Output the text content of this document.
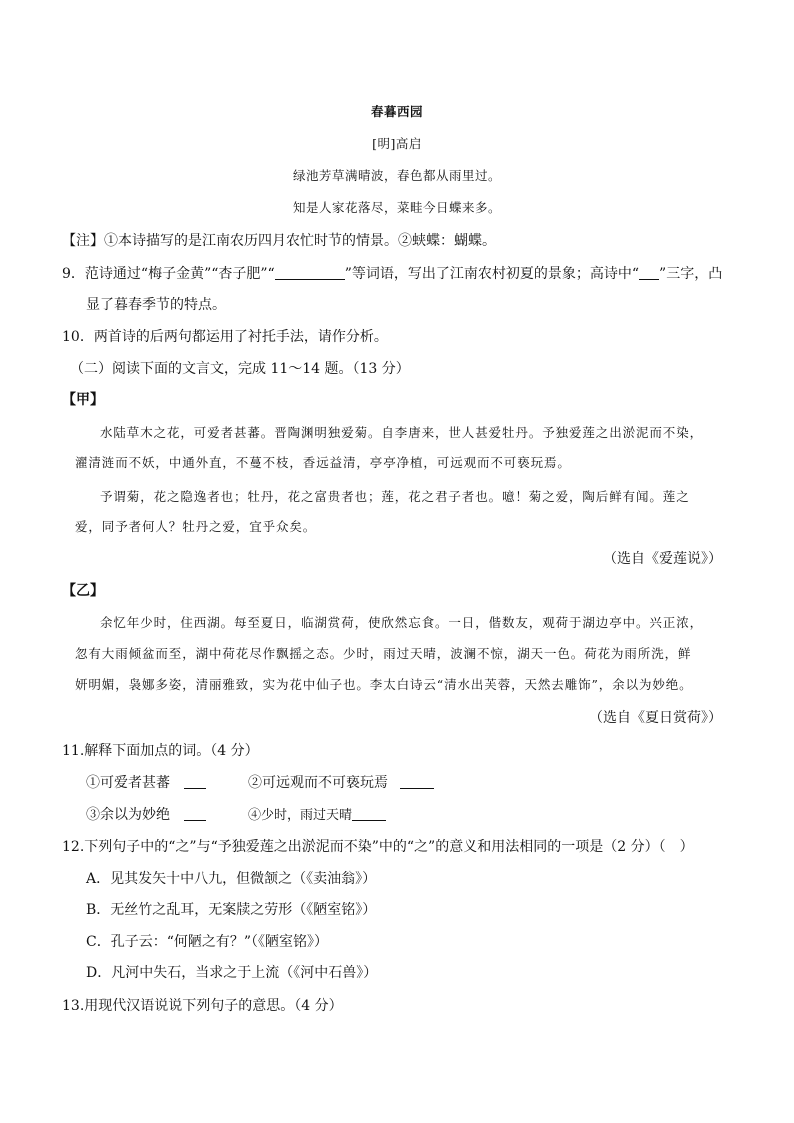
春暮西园
[明]高启
绿池芳草满晴波，春色都从雨里过。
知是人家花落尽，菜畦今日蝶来多。
【注】①本诗描写的是江南农历四月农忙时节的情景。②蛱蝶：蝴蝶。
9．范诗通过“梅子金黄”“杏子肥”“	”等词语，写出了江南农村初夏的景象；高诗中“ ”三字，凸
显了暮春季节的特点。
10．两首诗的后两句都运用了衬托手法，请作分析。
（二）阅读下面的文言文，完成 11～14 题。（13 分）
【甲】
水陆草木之花，可爱者甚蕃。晋陶渊明独爱菊。自李唐来，世人甚爱牡丹。予独爱莲之出淤泥而不染，
濯清涟而不妖，中通外直，不蔓不枝，香远益清，亭亭净植，可远观而不可亵玩焉。
予谓菊，花之隐逸者也；牡丹，花之富贵者也；莲，花之君子者也。噫！菊之爱，陶后鲜有闻。莲之
爱，同予者何人？牡丹之爱，宜乎众矣。
（选自《爱莲说》）
【乙】
余忆年少时，住西湖。每至夏日，临湖赏荷，使欣然忘食。一日，偕数友，观荷于湖边亭中。兴正浓，
忽有大雨倾盆而至，湖中荷花尽作飘摇之态。少时，雨过天晴，波澜不惊，湖天一色。荷花为雨所洗，鲜
妍明媚，袅娜多姿，清丽雅致，实为花中仙子也。李太白诗云“清水出芙蓉，天然去雕饰”，余以为妙绝。
（选自《夏日赏荷》）
11.解释下面加点的词。（4 分）
①可爱者甚蕃	②可远观而不可亵玩焉
③余以为妙绝	④少时，雨过天晴
12.下列句子中的“之”与“予独爱莲之出淤泥而不染”中的“之”的意义和用法相同的一项是（2 分）（　）
A．见其发矢十中八九，但微颔之（《卖油翁》）
B．无丝竹之乱耳，无案牍之劳形（《陋室铭》）
C．孔子云：“何陋之有？”（《陋室铭》）
D．凡河中失石，当求之于上流（《河中石兽》）
13.用现代汉语说说下列句子的意思。（4 分）
